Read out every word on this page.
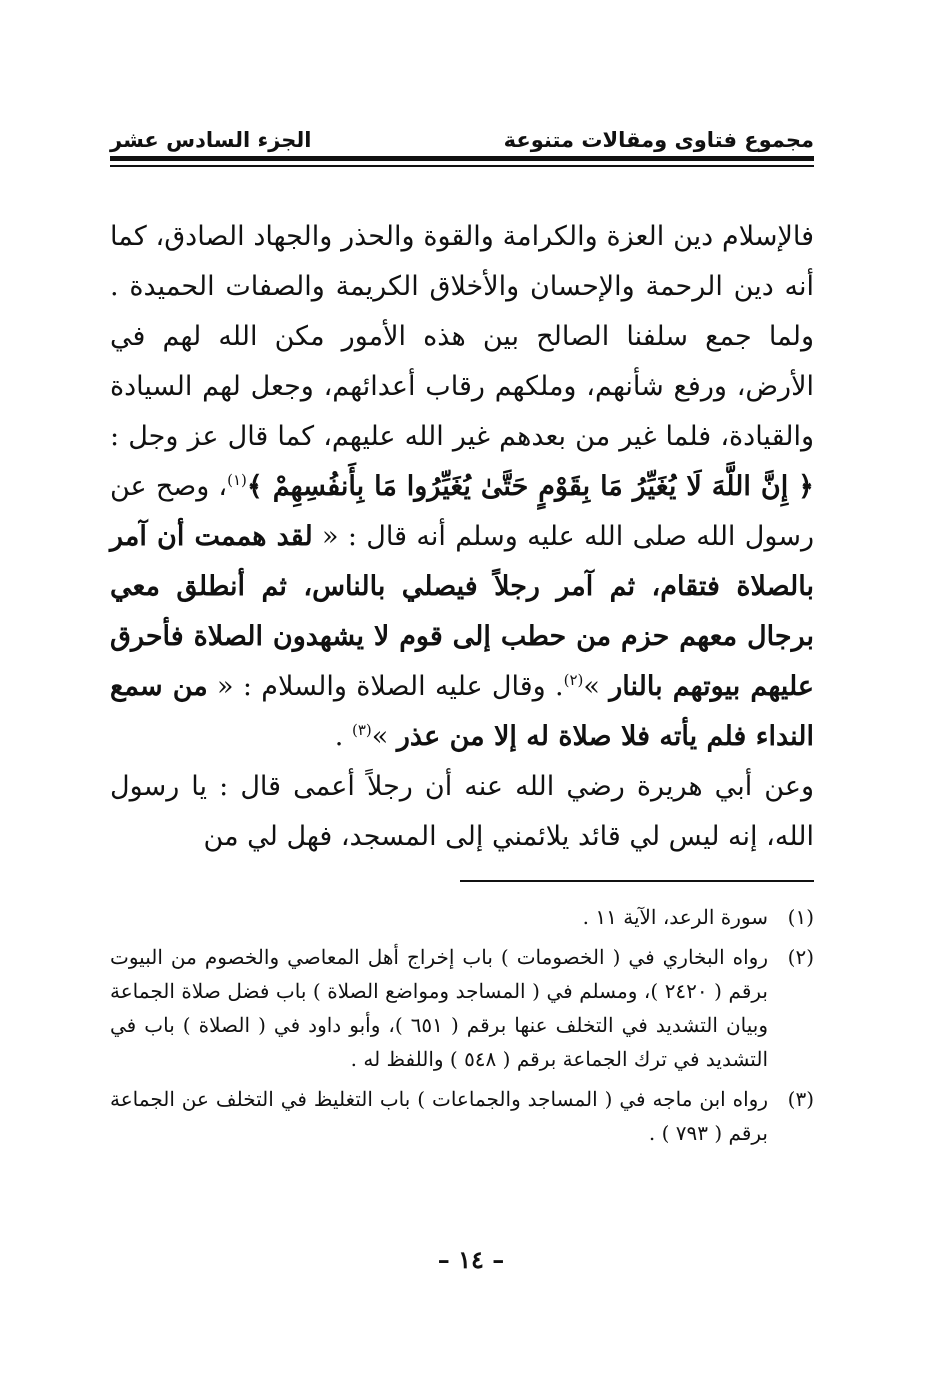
مجموع فتاوى ومقالات متنوعة
الجزء السادس عشر

فالإسلام دين العزة والكرامة والقوة والحذر والجهاد الصادق، كما أنه دين الرحمة والإحسان والأخلاق الكريمة والصفات الحميدة . ولما جمع سلفنا الصالح بين هذه الأمور مكن الله لهم في الأرض، ورفع شأنهم، وملكهم رقاب أعدائهم، وجعل لهم السيادة والقيادة، فلما غير من بعدهم غير الله عليهم، كما قال عز وجل : ﴿ إِنَّ اللَّهَ لَا يُغَيِّرُ مَا بِقَوْمٍ حَتَّىٰ يُغَيِّرُوا مَا بِأَنفُسِهِمْ ﴾$^{(١)}$، وصح عن رسول الله صلى الله عليه وسلم أنه قال : « لقد هممت أن آمر بالصلاة فتقام، ثم آمر رجلاً فيصلي بالناس، ثم أنطلق معي برجال معهم حزم من حطب إلى قوم لا يشهدون الصلاة فأحرق عليهم بيوتهم بالنار »$^{(٢)}$. وقال عليه الصلاة والسلام : « من سمع النداء فلم يأته فلا صلاة له إلا من عذر »$^{(٣)}$ .

وعن أبي هريرة رضي الله عنه أن رجلاً أعمى قال : يا رسول الله، إنه ليس لي قائد يلائمني إلى المسجد، فهل لي من

(١)
سورة الرعد، الآية ١١ .
(٢)
رواه البخاري في ( الخصومات ) باب إخراج أهل المعاصي والخصوم من البيوت برقم ( ٢٤٢٠ )، ومسلم في ( المساجد ومواضع الصلاة ) باب فضل صلاة الجماعة وبيان التشديد في التخلف عنها برقم ( ٦٥١ )، وأبو داود في ( الصلاة ) باب في التشديد في ترك الجماعة برقم ( ٥٤٨ ) واللفظ له .
(٣)
رواه ابن ماجه في ( المساجد والجماعات ) باب التغليظ في التخلف عن الجماعة برقم ( ٧٩٣ ) .
– ١٤ –
